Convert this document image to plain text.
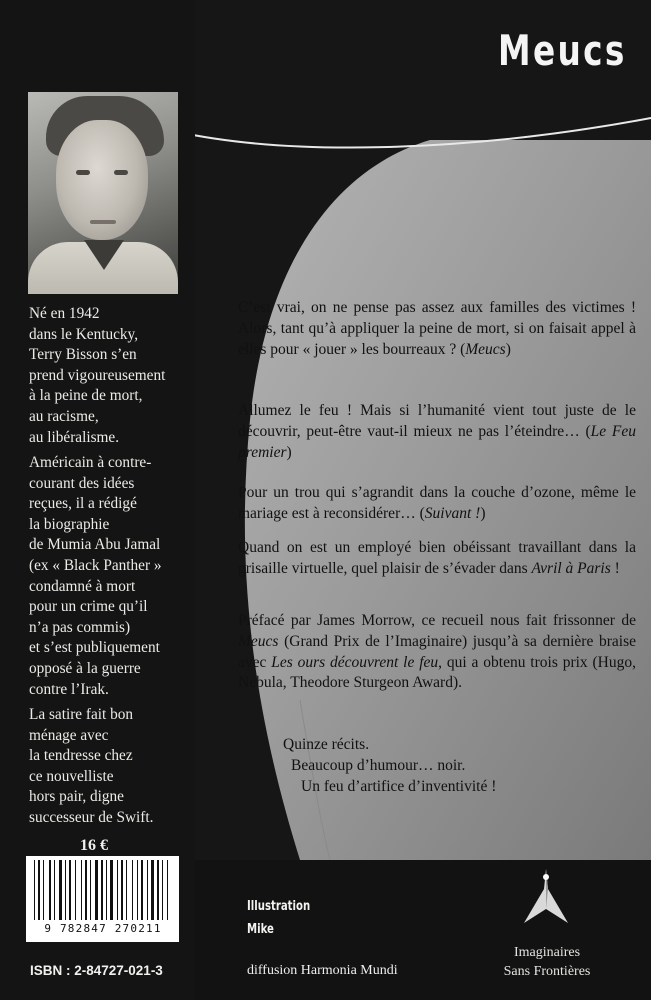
Meucs

Né en 1942

dans le Kentucky,

Terry Bisson s’en

prend vigoureusement

à la peine de mort,

au racisme,

au libéralisme.

Américain à contre-

courant des idées

reçues, il a rédigé

la biographie

de Mumia Abu Jamal

(ex « Black Panther »

condamné à mort

pour un crime qu’il

n’a pas commis)

et s’est publiquement

opposé à la guerre

contre l’Irak.

La satire fait bon

ménage avec

la tendresse chez

ce nouvelliste

hors pair, digne

successeur de Swift.

16 €
9 782847 270211
ISBN : 2-84727-021-3

C’est vrai, on ne pense pas assez aux familles des victimes ! Alors, tant qu’à appliquer la peine de mort, si on faisait appel à elles pour « jouer » les bourreaux ? (Meucs)

Allumez le feu ! Mais si l’humanité vient tout juste de le découvrir, peut-être vaut-il mieux ne pas l’éteindre… (Le Feu premier)

Pour un trou qui s’agrandit dans la couche d’ozone, même le mariage est à reconsidérer… (Suivant !)

Quand on est un employé bien obéissant travaillant dans la grisaille virtuelle, quel plaisir de s’évader dans Avril à Paris !

Préfacé par James Morrow, ce recueil nous fait frissonner de Meucs (Grand Prix de l’Imaginaire) jusqu’à sa dernière braise avec Les ours découvrent le feu, qui a obtenu trois prix (Hugo, Nebula, Theodore Sturgeon Award).

Quinze récits.
Beaucoup d’humour… noir.
Un feu d’artifice d’inventivité !
Illustration
Mike
diffusion Harmonia Mundi
Imaginaires
Sans Frontières
